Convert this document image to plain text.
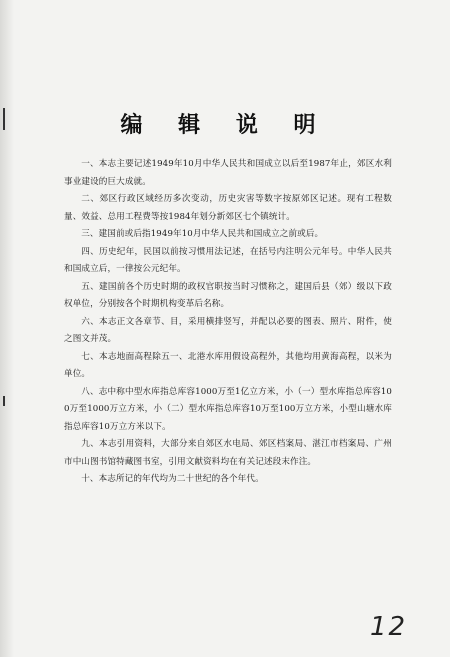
编 辑 说 明

一、本志主要记述1949年10月中华人民共和国成立以后至1987年止，郊区水利事业建设的巨大成就。

二、郊区行政区域经历多次变动，历史灾害等数字按原郊区记述。现有工程数量、效益、总用工程费等按1984年划分新郊区七个镇统计。

三、建国前或后指1949年10月中华人民共和国成立之前或后。

四、历史纪年，民国以前按习惯用法记述，在括号内注明公元年号。中华人民共和国成立后，一律按公元纪年。

五、建国前各个历史时期的政权官职按当时习惯称之，建国后县（郊）级以下政权单位，分别按各个时期机构变革后名称。

六、本志正文各章节、目，采用横排竖写，并配以必要的图表、照片、附件，使之图文并茂。

七、本志地面高程除五一、北港水库用假设高程外，其他均用黄海高程，以米为单位。

八、志中称中型水库指总库容1000万至1亿立方米，小（一）型水库指总库容100万至1000万立方米，小（二）型水库指总库容10万至100万立方米，小型山塘水库指总库容10万立方米以下。

九、本志引用资料，大部分来自郊区水电局、郊区档案局、湛江市档案局、广州市中山图书馆特藏图书室，引用文献资料均在有关记述段末作注。

十、本志所记的年代均为二十世纪的各个年代。

12
